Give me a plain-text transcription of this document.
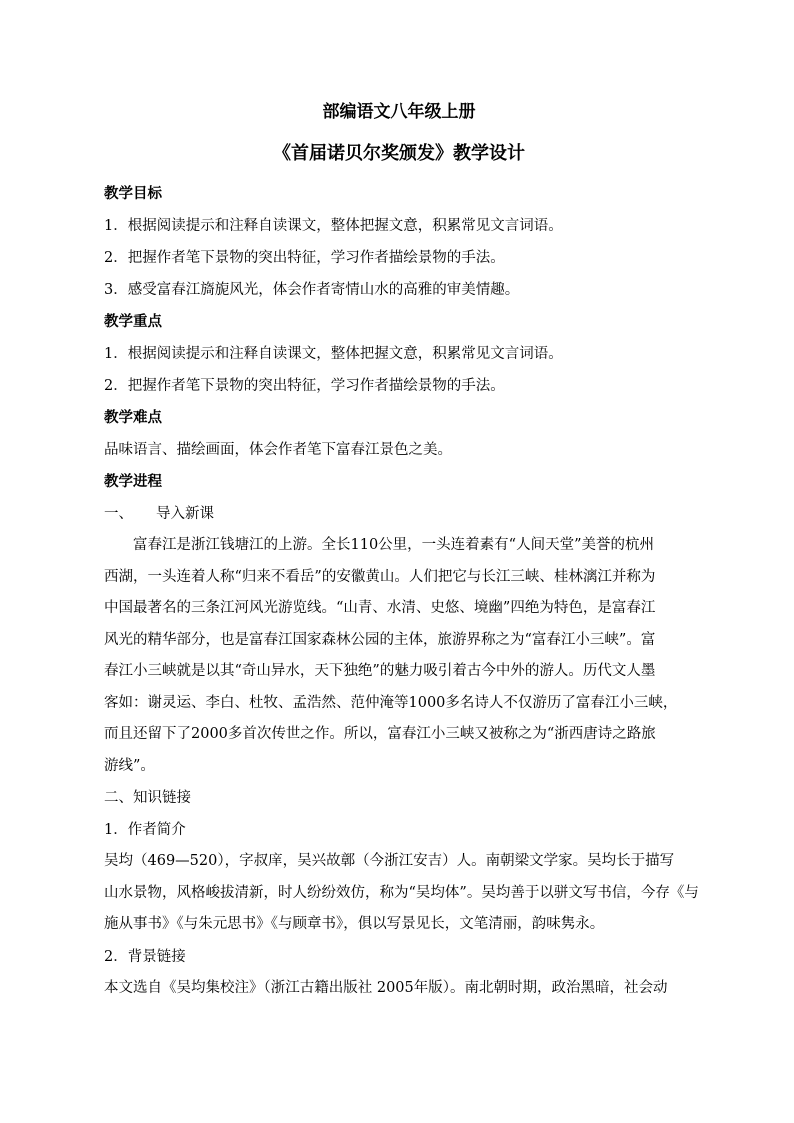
部编语文八年级上册
《首届诺贝尔奖颁发》教学设计
教学目标
1．根据阅读提示和注释自读课文，整体把握文意，积累常见文言词语。
2．把握作者笔下景物的突出特征，学习作者描绘景物的手法。
3．感受富春江旖旎风光，体会作者寄情山水的高雅的审美情趣。
教学重点
1．根据阅读提示和注释自读课文，整体把握文意，积累常见文言词语。
2．把握作者笔下景物的突出特征，学习作者描绘景物的手法。
教学难点
品味语言、描绘画面，体会作者笔下富春江景色之美。
教学进程
一、 导入新课
富春江是浙江钱塘江的上游。全长110公里，一头连着素有“人间天堂”美誉的杭州
西湖，一头连着人称“归来不看岳”的安徽黄山。人们把它与长江三峡、桂林漓江并称为
中国最著名的三条江河风光游览线。“山青、水清、史悠、境幽”四绝为特色，是富春江
风光的精华部分，也是富春江国家森林公园的主体，旅游界称之为“富春江小三峡”。富
春江小三峡就是以其“奇山异水，天下独绝”的魅力吸引着古今中外的游人。历代文人墨
客如：谢灵运、李白、杜牧、孟浩然、范仲淹等1000多名诗人不仅游历了富春江小三峡，
而且还留下了2000多首次传世之作。所以，富春江小三峡又被称之为“浙西唐诗之路旅
游线”。
二、知识链接
1．作者简介
吴均（469—520），字叔庠，吴兴故鄣（今浙江安吉）人。南朝梁文学家。吴均长于描写
山水景物，风格峻拔清新，时人纷纷效仿，称为“吴均体”。吴均善于以骈文写书信，今存《与
施从事书》《与朱元思书》《与顾章书》，俱以写景见长，文笔清丽，韵味隽永。
2．背景链接
本文选自《吴均集校注》（浙江古籍出版社 2005年版）。南北朝时期，政治黑暗，社会动
